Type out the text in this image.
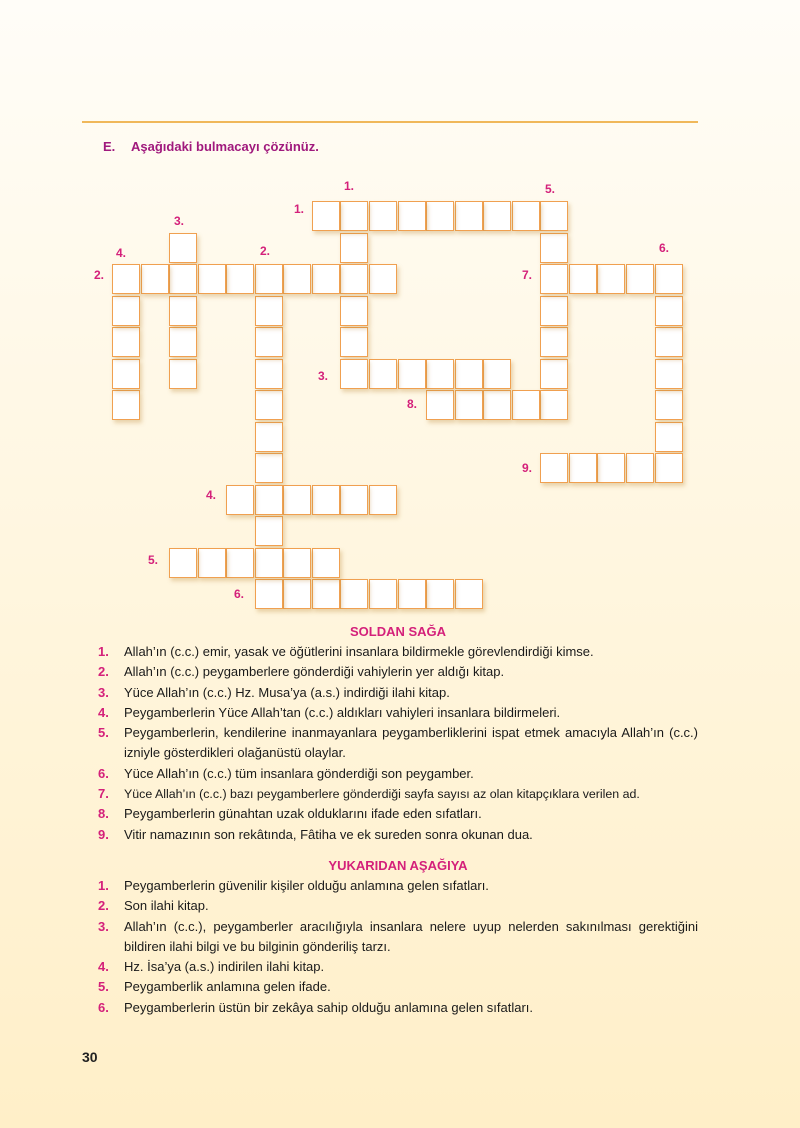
E. Aşağıdaki bulmacayı çözünüz.
1.	5.
1.
3.
4.	2.	6.
2.	7.
3.
8.
9.
4.
5.
6.
SOLDAN SAĞA
1. Allah’ın (c.c.) emir, yasak ve öğütlerini insanlara bildirmekle görevlendirdiği kimse.
2. Allah’ın (c.c.) peygamberlere gönderdiği vahiylerin yer aldığı kitap.
3. Yüce Allah’ın (c.c.) Hz. Musa’ya (a.s.) indirdiği ilahi kitap.
4. Peygamberlerin Yüce Allah’tan (c.c.) aldıkları vahiyleri insanlara bildirmeleri.
5. Peygamberlerin, kendilerine inanmayanlara peygamberliklerini ispat etmek amacıyla Allah’ın (c.c.) izniyle gösterdikleri olağanüstü olaylar.
6. Yüce Allah’ın (c.c.) tüm insanlara gönderdiği son peygamber.
7. Yüce Allah’ın (c.c.) bazı peygamberlere gönderdiği sayfa sayısı az olan kitapçıklara verilen ad.
8. Peygamberlerin günahtan uzak olduklarını ifade eden sıfatları.
9. Vitir namazının son rekâtında, Fâtiha ve ek sureden sonra okunan dua.
YUKARIDAN AŞAĞIYA
1. Peygamberlerin güvenilir kişiler olduğu anlamına gelen sıfatları.
2. Son ilahi kitap.
3. Allah’ın (c.c.), peygamberler aracılığıyla insanlara nelere uyup nelerden sakınılması gerektiğini bildiren ilahi bilgi ve bu bilginin gönderiliş tarzı.
4. Hz. İsa’ya (a.s.) indirilen ilahi kitap.
5. Peygamberlik anlamına gelen ifade.
6. Peygamberlerin üstün bir zekâya sahip olduğu anlamına gelen sıfatları.
30
